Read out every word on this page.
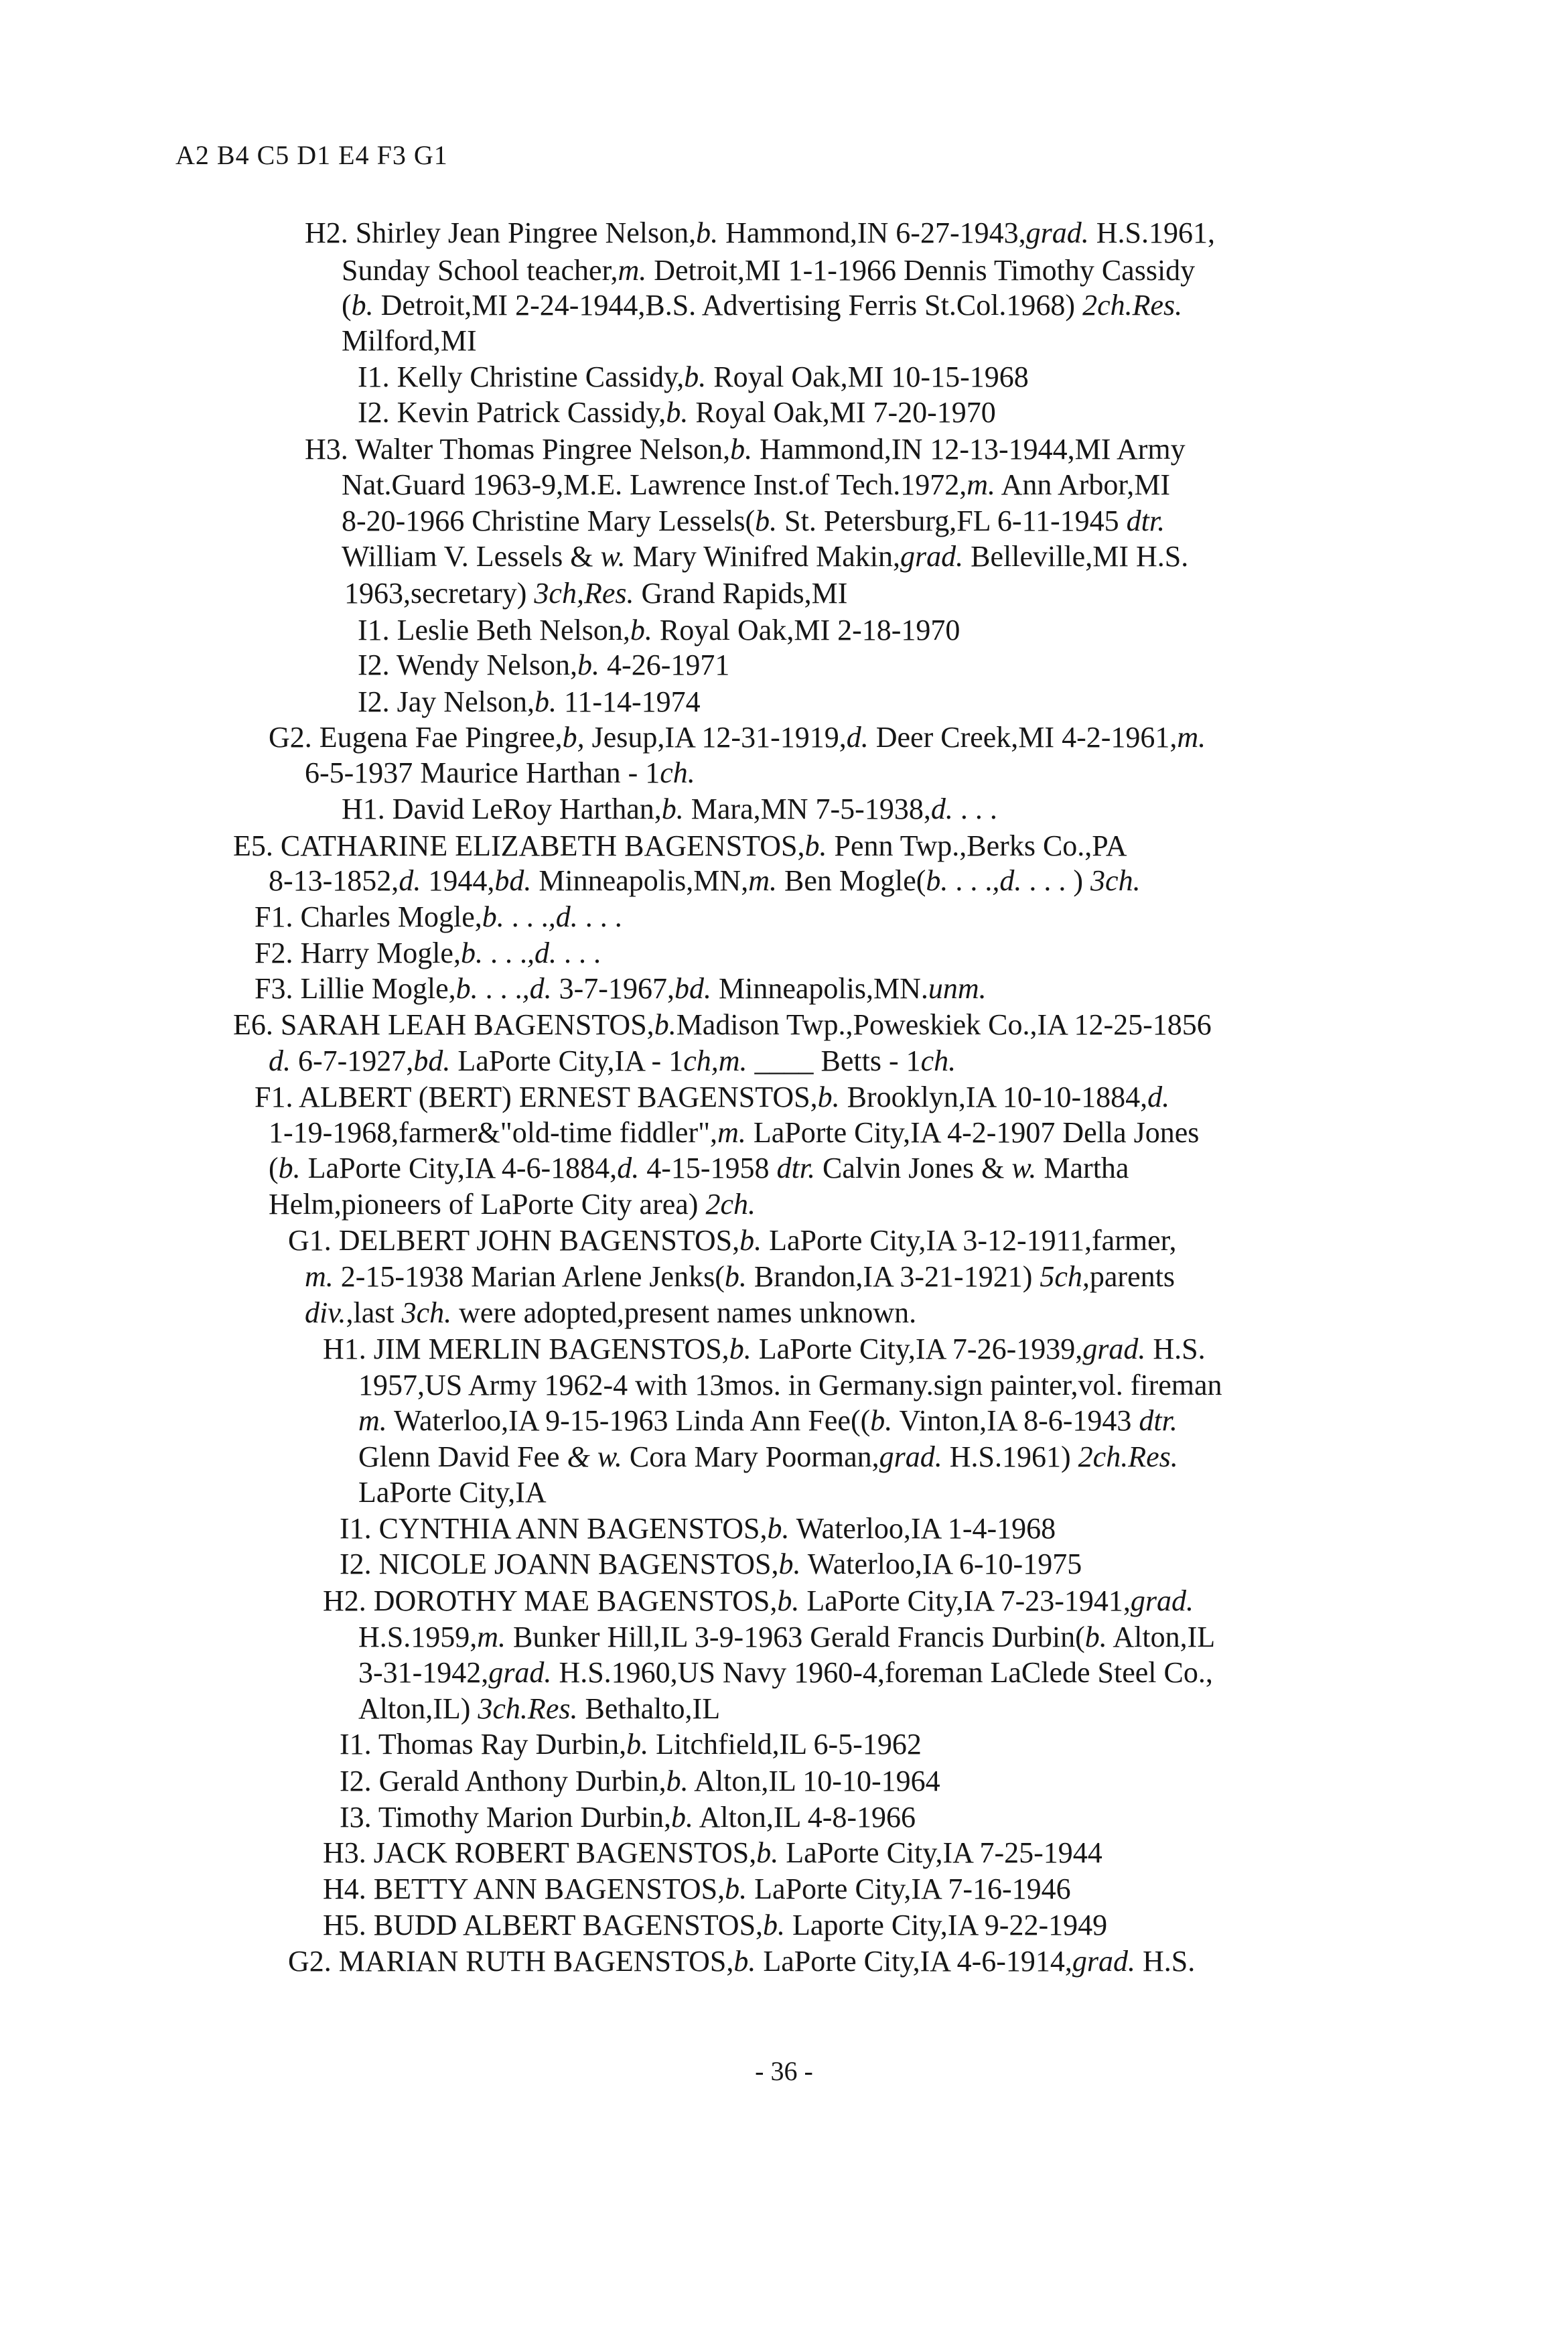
A2 B4 C5 D1 E4 F3 G1
H2. Shirley Jean Pingree Nelson,b. Hammond,IN 6-27-1943,grad. H.S.1961,
Sunday School teacher,m. Detroit,MI 1-1-1966 Dennis Timothy Cassidy
(b. Detroit,MI 2-24-1944,B.S. Advertising Ferris St.Col.1968) 2ch.Res.
Milford,MI
I1. Kelly Christine Cassidy,b. Royal Oak,MI 10-15-1968
I2. Kevin Patrick Cassidy,b. Royal Oak,MI 7-20-1970
H3. Walter Thomas Pingree Nelson,b. Hammond,IN 12-13-1944,MI Army
Nat.Guard 1963-9,M.E. Lawrence Inst.of Tech.1972,m. Ann Arbor,MI
8-20-1966 Christine Mary Lessels(b. St. Petersburg,FL 6-11-1945 dtr.
William V. Lessels & w. Mary Winifred Makin,grad. Belleville,MI H.S.
1963,secretary) 3ch,Res. Grand Rapids,MI
I1. Leslie Beth Nelson,b. Royal Oak,MI 2-18-1970
I2. Wendy Nelson,b. 4-26-1971
I2. Jay Nelson,b. 11-14-1974
G2. Eugena Fae Pingree,b, Jesup,IA 12-31-1919,d. Deer Creek,MI 4-2-1961,m.
6-5-1937 Maurice Harthan - 1ch.
H1. David LeRoy Harthan,b. Mara,MN 7-5-1938,d. . . .
E5. CATHARINE ELIZABETH BAGENSTOS,b. Penn Twp.,Berks Co.,PA
8-13-1852,d. 1944,bd. Minneapolis,MN,m. Ben Mogle(b. . . .,d. . . . ) 3ch.
F1. Charles Mogle,b. . . .,d. . . .
F2. Harry Mogle,b. . . .,d. . . .
F3. Lillie Mogle,b. . . .,d. 3-7-1967,bd. Minneapolis,MN.unm.
E6. SARAH LEAH BAGENSTOS,b.Madison Twp.,Poweskiek Co.,IA 12-25-1856
d. 6-7-1927,bd. LaPorte City,IA - 1ch,m. ____ Betts - 1ch.
F1. ALBERT (BERT) ERNEST BAGENSTOS,b. Brooklyn,IA 10-10-1884,d.
1-19-1968,farmer&"old-time fiddler",m. LaPorte City,IA 4-2-1907 Della Jones
(b. LaPorte City,IA 4-6-1884,d. 4-15-1958 dtr. Calvin Jones & w. Martha
Helm,pioneers of LaPorte City area) 2ch.
G1. DELBERT JOHN BAGENSTOS,b. LaPorte City,IA 3-12-1911,farmer,
m. 2-15-1938 Marian Arlene Jenks(b. Brandon,IA 3-21-1921) 5ch,parents
div.,last 3ch. were adopted,present names unknown.
H1. JIM MERLIN BAGENSTOS,b. LaPorte City,IA 7-26-1939,grad. H.S.
1957,US Army 1962-4 with 13mos. in Germany.sign painter,vol. fireman
m. Waterloo,IA 9-15-1963 Linda Ann Fee((b. Vinton,IA 8-6-1943 dtr.
Glenn David Fee & w. Cora Mary Poorman,grad. H.S.1961) 2ch.Res.
LaPorte City,IA
I1. CYNTHIA ANN BAGENSTOS,b. Waterloo,IA 1-4-1968
I2. NICOLE JOANN BAGENSTOS,b. Waterloo,IA 6-10-1975
H2. DOROTHY MAE BAGENSTOS,b. LaPorte City,IA 7-23-1941,grad.
H.S.1959,m. Bunker Hill,IL 3-9-1963 Gerald Francis Durbin(b. Alton,IL
3-31-1942,grad. H.S.1960,US Navy 1960-4,foreman LaClede Steel Co.,
Alton,IL) 3ch.Res. Bethalto,IL
I1. Thomas Ray Durbin,b. Litchfield,IL 6-5-1962
I2. Gerald Anthony Durbin,b. Alton,IL 10-10-1964
I3. Timothy Marion Durbin,b. Alton,IL 4-8-1966
H3. JACK ROBERT BAGENSTOS,b. LaPorte City,IA 7-25-1944
H4. BETTY ANN BAGENSTOS,b. LaPorte City,IA 7-16-1946
H5. BUDD ALBERT BAGENSTOS,b. Laporte City,IA 9-22-1949
G2. MARIAN RUTH BAGENSTOS,b. LaPorte City,IA 4-6-1914,grad. H.S.
- 36 -
